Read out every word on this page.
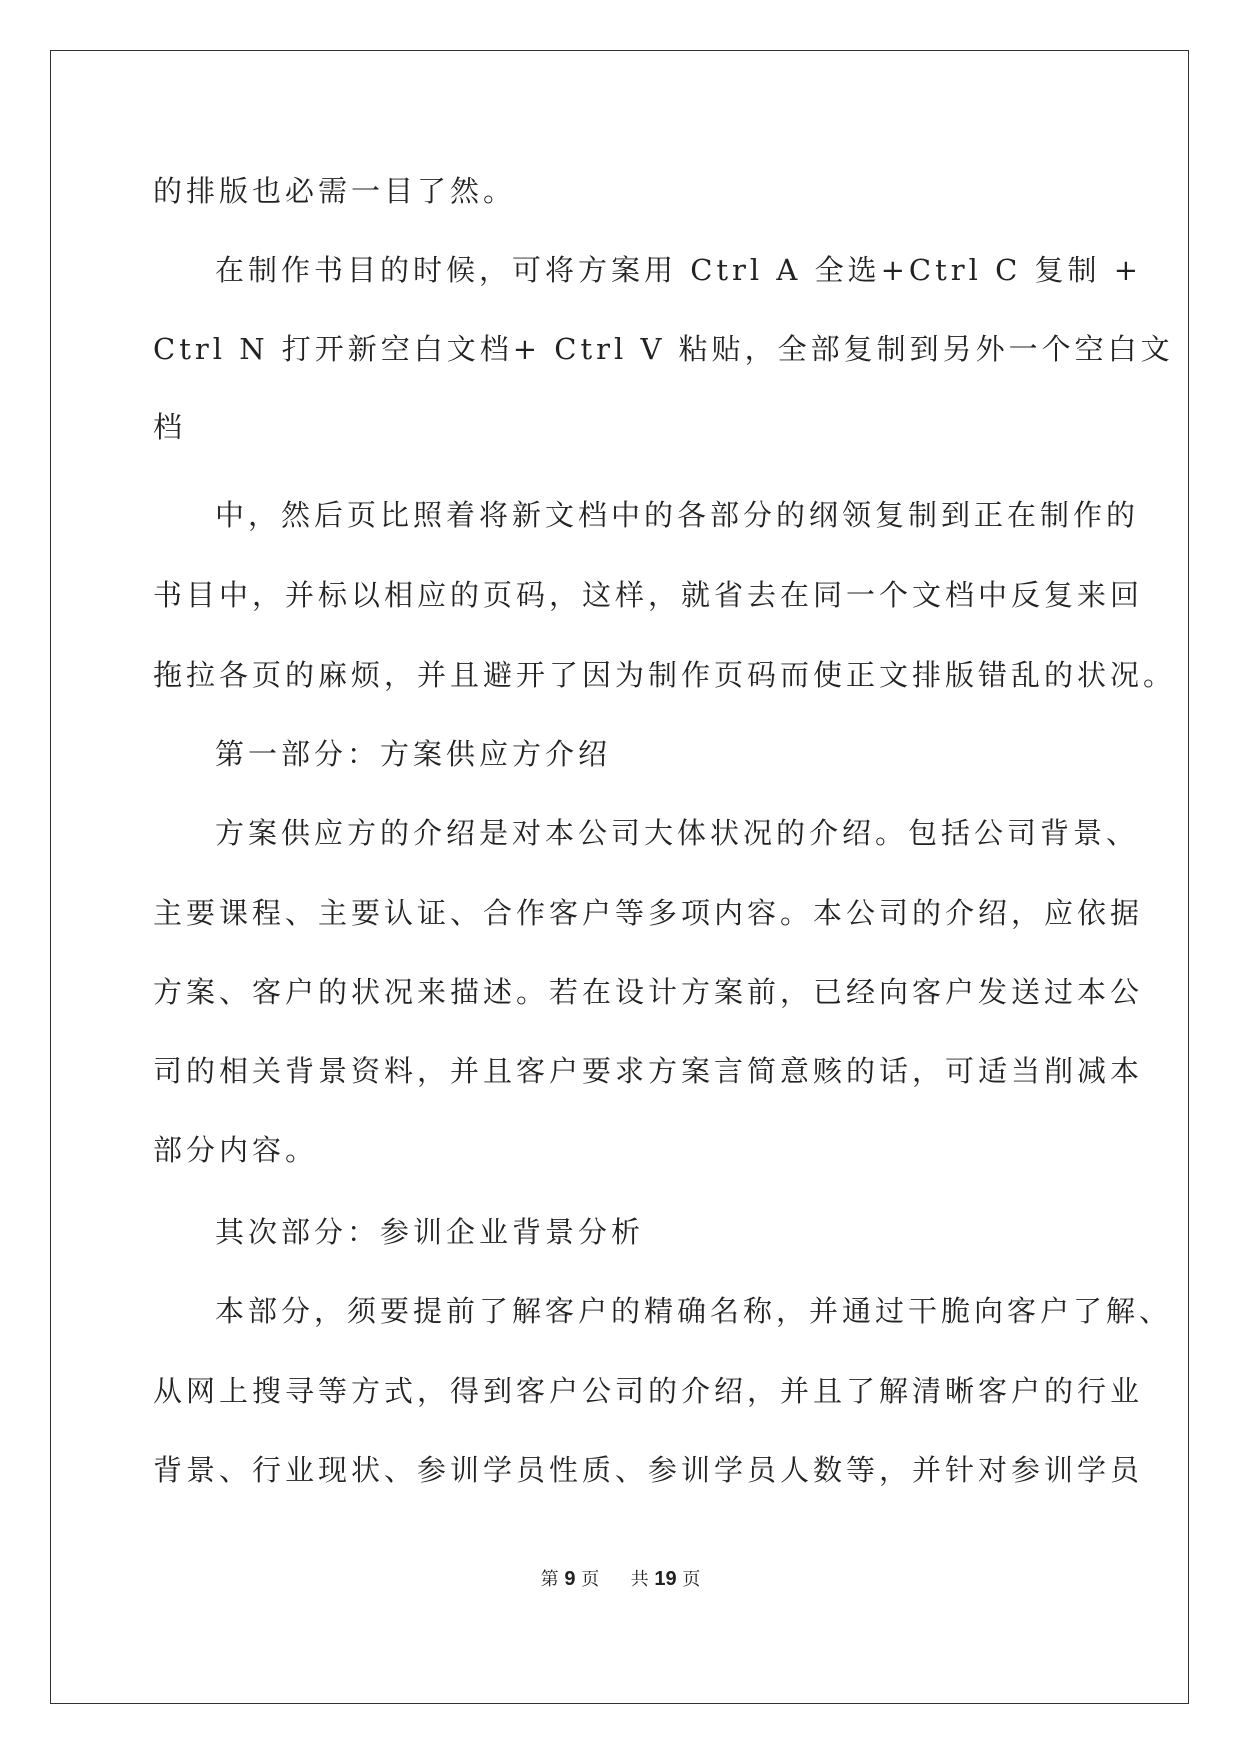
的排版也必需一目了然。
在制作书目的时候，可将方案用 Ctrl A 全选+Ctrl C 复制 +
Ctrl N 打开新空白文档+ Ctrl V 粘贴，全部复制到另外一个空白文
档
中，然后页比照着将新文档中的各部分的纲领复制到正在制作的
书目中，并标以相应的页码，这样，就省去在同一个文档中反复来回
拖拉各页的麻烦，并且避开了因为制作页码而使正文排版错乱的状况。
第一部分：方案供应方介绍
方案供应方的介绍是对本公司大体状况的介绍。包括公司背景、
主要课程、主要认证、合作客户等多项内容。本公司的介绍，应依据
方案、客户的状况来描述。若在设计方案前，已经向客户发送过本公
司的相关背景资料，并且客户要求方案言简意赅的话，可适当削减本
部分内容。
其次部分：参训企业背景分析
本部分，须要提前了解客户的精确名称，并通过干脆向客户了解、
从网上搜寻等方式，得到客户公司的介绍，并且了解清晰客户的行业
背景、行业现状、参训学员性质、参训学员人数等，并针对参训学员
第 9 页 共 19 页
